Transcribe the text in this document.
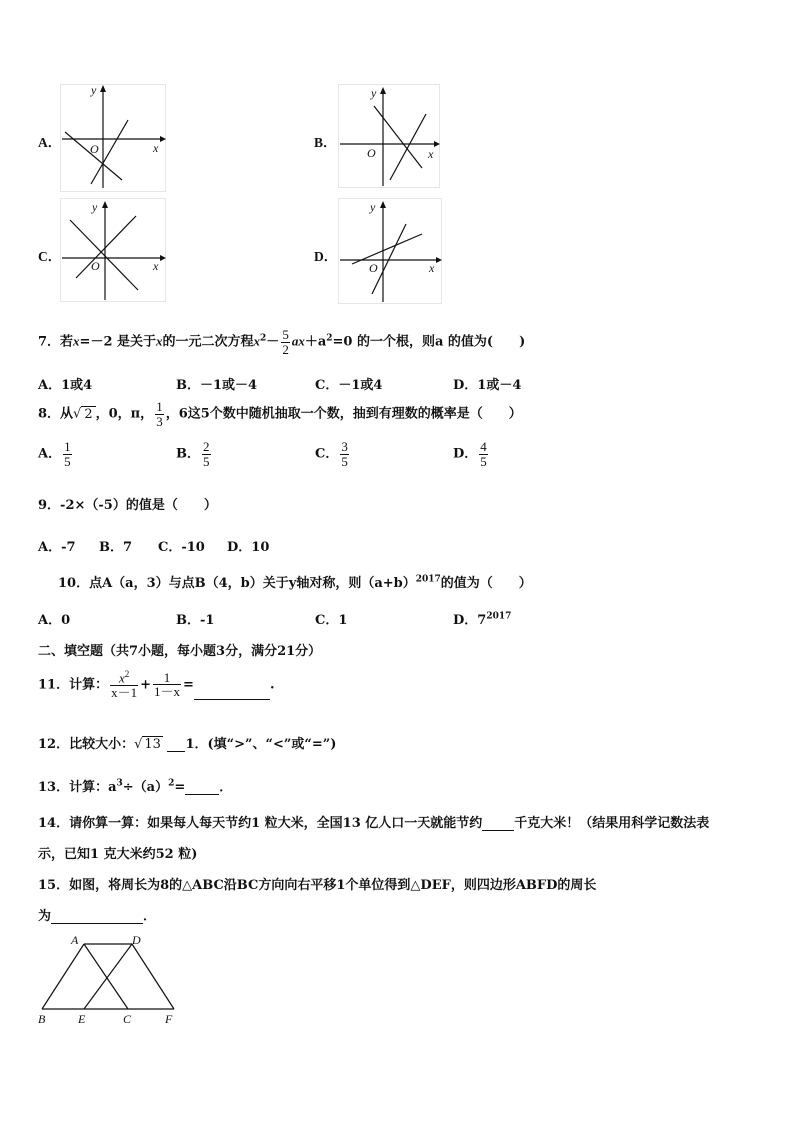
A．
y
x
O	B．
y
x
O
C．
y
x
O
D．
y
x
O
7．若x=－2 是关于x的一元二次方程$x^2- \frac{5}{2} ax+a^2=0$ 的一个根，则a 的值为(　　)
A．1或4	B．－1或－4	C．－1或4	D．1或－4
8．从√ 2 ，0，π， $\frac{1}{3}$ ，6这5个数中随机抽取一个数，抽到有理数的概率是（　　）
A． $\frac{1}{5}$	B． $\frac{2}{5}$	C． $\frac{3}{5}$	D． $\frac{4}{5}$
9．-2×（-5）的值是（　　）
A．-7 B．7 C．-10 D．10
10．点A（a，3）与点B（4，b）关于y轴对称，则$(a+b)^{2017}$的值为（　　）
A．0	B．-1	C．1	D．$7^{2017}$
二、填空题（共7小题，每小题3分，满分21分）
11．计算： $\frac{x^2}{x-1} + \frac{1}{1-x}$ =	.
12．比较大小：√ 13 1．(填“>”、“<”或“=”)
13．计算：$a^3\div(a)^2=$	．
14．请你算一算：如果每人每天节约1 粒大米，全国13 亿人口一天就能节约 千克大米！（结果用科学记数法表
示，已知1 克大米约52 粒)
15．如图，将周长为8的△ABC沿BC方向向右平移1个单位得到△DEF，则四边形ABFD的周长
为	．
A	D
B	E	C	F
